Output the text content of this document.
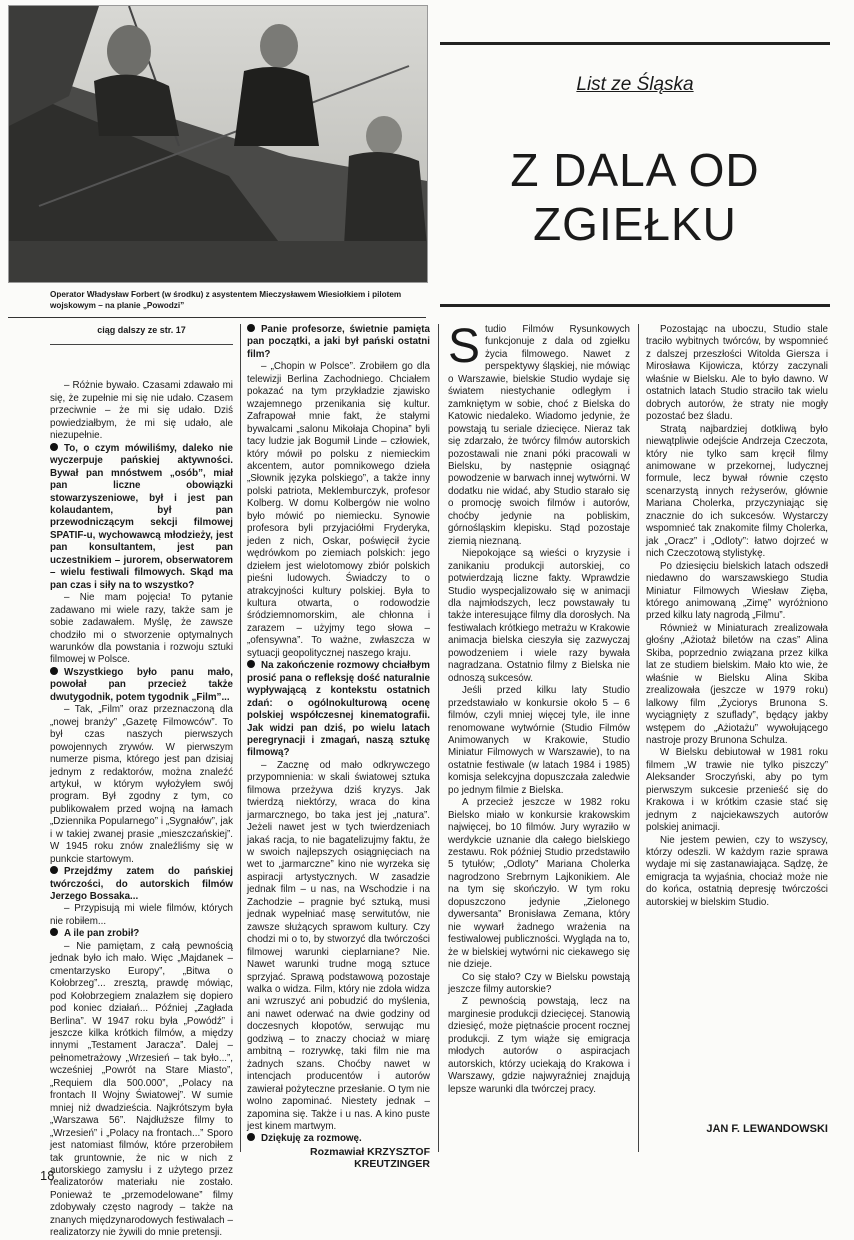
Operator Władysław Forbert (w środku) z asystentem Mieczysławem Wiesiołkiem i pilotem wojskowym – na planie „Powodzi”
List ze Śląska
Z DALA OD ZGIEŁKU

ciąg dalszy ze str. 17

– Różnie bywało. Czasami zdawało mi się, że zupełnie mi się nie udało. Czasem przeciwnie – że mi się udało. Dziś powiedziałbym, że mi się udało, ale niezupełnie.

To, o czym mówiliśmy, daleko nie wyczerpuje pańskiej aktywności. Bywał pan mnóstwem „osób”, miał pan liczne obowiązki stowarzyszeniowe, był i jest pan kolaudantem, był pan przewodniczącym sekcji filmowej SPATIF-u, wychowawcą młodzieży, jest pan konsultantem, jest pan uczestnikiem – jurorem, obserwatorem – wielu festiwali filmowych. Skąd ma pan czas i siły na to wszystko?

– Nie mam pojęcia! To pytanie zadawano mi wiele razy, także sam je sobie zadawałem. Myślę, że zawsze chodziło mi o stworzenie optymalnych warunków dla powstania i rozwoju sztuki filmowej w Polsce.

Wszystkiego było panu mało, powołał pan przecież także dwutygodnik, potem tygodnik „Film”...

– Tak, „Film” oraz przeznaczoną dla „nowej branży” „Gazetę Filmowców”. To był czas naszych pierwszych powojennych zrywów. W pierwszym numerze pisma, którego jest pan dzisiaj jednym z redaktorów, można znaleźć artykuł, w którym wyłożyłem swój program. Był zgodny z tym, co publikowałem przed wojną na łamach „Dziennika Popularnego” i „Sygnałów”, jak i w takiej zwanej prasie „mieszczańskiej”. W 1945 roku znów znaleźliśmy się w punkcie startowym.

Przejdźmy zatem do pańskiej twórczości, do autorskich filmów Jerzego Bossaka...

– Przypisują mi wiele filmów, których nie robiłem...

A ile pan zrobił?

– Nie pamiętam, z całą pewnością jednak było ich mało. Więc „Majdanek – cmentarzysko Europy”, „Bitwa o Kołobrzeg”... zresztą, prawdę mówiąc, pod Kołobrzegiem znalazłem się dopiero pod koniec działań... Później „Zagłada Berlina”. W 1947 roku była „Powódź” i jeszcze kilka krótkich filmów, a między innymi „Testament Jaracza”. Dalej – pełnometrażowy „Wrzesień – tak było...”, wcześniej „Powrót na Stare Miasto”, „Requiem dla 500.000”, „Polacy na frontach II Wojny Światowej”. W sumie mniej niż dwadzieścia. Najkrótszym była „Warszawa 56”. Najdłuższe filmy to „Wrzesień” i „Polacy na frontach...” Sporo jest natomiast filmów, które przerobiłem tak gruntownie, że nic w nich z autorskiego zamysłu i z użytego przez realizatorów materiału nie zostało. Ponieważ te „przemodelowane” filmy zdobywały często nagrody – także na znanych międzynarodowych festiwalach – realizatorzy nie żywili do mnie pretensji.

Panie profesorze, świetnie pamięta pan początki, a jaki był pański ostatni film?

– „Chopin w Polsce”. Zrobiłem go dla telewizji Berlina Zachodniego. Chciałem pokazać na tym przykładzie zjawisko wzajemnego przenikania się kultur. Zafrapował mnie fakt, że stałymi bywalcami „salonu Mikołaja Chopina” byli tacy ludzie jak Bogumił Linde – człowiek, który mówił po polsku z niemieckim akcentem, autor pomnikowego dzieła „Słownik języka polskiego”, a także inny polski patriota, Meklemburczyk, profesor Kolberg. W domu Kolbergów nie wolno było mówić po niemiecku. Synowie profesora byli przyjaciółmi Fryderyka, jeden z nich, Oskar, poświęcił życie wędrówkom po ziemiach polskich: jego dziełem jest wielotomowy zbiór polskich pieśni ludowych. Świadczy to o atrakcyjności kultury polskiej. Była to kultura otwarta, o rodowodzie śródziemnomorskim, ale chłonna i zarazem – użyjmy tego słowa – „ofensywna”. To ważne, zwłaszcza w sytuacji geopolitycznej naszego kraju.

Na zakończenie rozmowy chciałbym prosić pana o refleksję dość naturalnie wypływającą z kontekstu ostatnich zdań: o ogólnokulturową ocenę polskiej współczesnej kinematografii. Jak widzi pan dziś, po wielu latach peregrynacji i zmagań, naszą sztukę filmową?

– Zacznę od mało odkrywczego przypomnienia: w skali światowej sztuka filmowa przeżywa dziś kryzys. Jak twierdzą niektórzy, wraca do kina jarmarcznego, bo taka jest jej „natura”. Jeżeli nawet jest w tych twierdzeniach jakaś racja, to nie bagatelizujmy faktu, że w swoich najlepszych osiągnięciach na wet to „jarmarczne” kino nie wyrzeka się aspiracji artystycznych. W zasadzie jednak film – u nas, na Wschodzie i na Zachodzie – pragnie być sztuką, musi jednak wypełniać masę serwitutów, nie zawsze służących sprawom kultury. Czy chodzi mi o to, by stworzyć dla twórczości filmowej warunki cieplarniane? Nie. Nawet warunki trudne mogą sztuce sprzyjać. Sprawą podstawową pozostaje walka o widza. Film, który nie zdoła widza ani wzruszyć ani pobudzić do myślenia, ani nawet oderwać na dwie godziny od doczesnych kłopotów, serwując mu godziwą – to znaczy chociaż w miarę ambitną – rozrywkę, taki film nie ma żadnych szans. Choćby nawet w intencjach producentów i autorów zawierał pożyteczne przesłanie. O tym nie wolno zapominać. Niestety jednak – zapomina się. Także i u nas. A kino puste jest kinem martwym.

Dziękuję za rozmowę.

Rozmawiał KRZYSZTOF KREUTZINGER

Studio Filmów Rysunkowych funkcjonuje z dala od zgiełku życia filmowego. Nawet z perspektywy śląskiej, nie mówiąc o Warszawie, bielskie Studio wydaje się światem niestychanie odległym i zamkniętym w sobie, choć z Bielska do Katowic niedaleko. Wiadomo jedynie, że powstają tu seriale dziecięce. Nieraz tak się zdarzało, że twórcy filmów autorskich pozostawali nie znani póki pracowali w Bielsku, by następnie osiągnąć powodzenie w barwach innej wytwórni. W dodatku nie widać, aby Studio starało się o promocję swoich filmów i autorów, choćby jedynie na pobliskim, górnośląskim klepisku. Stąd pozostaje ziemią nieznaną.

Niepokojące są wieści o kryzysie i zanikaniu produkcji autorskiej, co potwierdzają liczne fakty. Wprawdzie Studio wyspecjalizowało się w animacji dla najmłodszych, lecz powstawały tu także interesujące filmy dla dorosłych. Na festiwalach krótkiego metrażu w Krakowie animacja bielska cieszyła się zazwyczaj powodzeniem i wiele razy bywała nagradzana. Ostatnio filmy z Bielska nie odnoszą sukcesów.

Jeśli przed kilku laty Studio przedstawiało w konkursie około 5 – 6 filmów, czyli mniej więcej tyle, ile inne renomowane wytwórnie (Studio Filmów Animowanych w Krakowie, Studio Miniatur Filmowych w Warszawie), to na ostatnie festiwale (w latach 1984 i 1985) komisja selekcyjna dopuszczała zaledwie po jednym filmie z Bielska.

A przecież jeszcze w 1982 roku Bielsko miało w konkursie krakowskim najwięcej, bo 10 filmów. Jury wyraziło w werdykcie uznanie dla całego bielskiego zestawu. Rok później Studio przedstawiło 5 tytułów; „Odloty” Mariana Cholerka nagrodzono Srebrnym Lajkonikiem. Ale na tym się skończyło. W tym roku dopuszczono jedynie „Zielonego dywersanta” Bronisława Zemana, który nie wywarł żadnego wrażenia na festiwalowej publiczności. Wygląda na to, że w bielskiej wytwórni nic ciekawego się nie dzieje.

Co się stało? Czy w Bielsku powstają jeszcze filmy autorskie?

Z pewnością powstają, lecz na marginesie produkcji dziecięcej. Stanowią dziesięć, może piętnaście procent rocznej produkcji. Z tym wiąże się emigracja młodych autorów o aspiracjach autorskich, którzy uciekają do Krakowa i Warszawy, gdzie najwyraźniej znajdują lepsze warunki dla twórczej pracy.

Pozostając na uboczu, Studio stale traciło wybitnych twórców, by wspomnieć z dalszej przeszłości Witolda Giersza i Mirosława Kijowicza, którzy zaczynali właśnie w Bielsku. Ale to było dawno. W ostatnich latach Studio straciło tak wielu dobrych autorów, że straty nie mogły pozostać bez śladu.

Stratą najbardziej dotkliwą było niewątpliwie odejście Andrzeja Czeczota, który nie tylko sam kręcił filmy animowane w przekornej, ludycznej formule, lecz bywał równie często scenarzystą innych reżyserów, głównie Mariana Cholerka, przyczyniając się znacznie do ich sukcesów. Wystarczy wspomnieć tak znakomite filmy Cholerka, jak „Oracz” i „Odloty”: łatwo dojrzeć w nich Czeczotową stylistykę.

Po dziesięciu bielskich latach odszedł niedawno do warszawskiego Studia Miniatur Filmowych Wiesław Zięba, którego animowaną „Zimę” wyróżniono przed kilku laty nagrodą „Filmu”.

Również w Miniaturach zrealizowała głośny „Ażiotaż biletów na czas” Alina Skiba, poprzednio związana przez kilka lat ze studiem bielskim. Mało kto wie, że właśnie w Bielsku Alina Skiba zrealizowała (jeszcze w 1979 roku) lalkowy film „Życiorys Brunona S. wyciągnięty z szuflady”, będący jakby wstępem do „Ażiotażu” wywołującego nastroje prozy Brunona Schulza.

W Bielsku debiutował w 1981 roku filmem „W trawie nie tylko piszczy” Aleksander Sroczyński, aby po tym pierwszym sukcesie przenieść się do Krakowa i w krótkim czasie stać się jednym z najciekawszych autorów polskiej animacji.

Nie jestem pewien, czy to wszyscy, którzy odeszli. W każdym razie sprawa wydaje mi się zastanawiająca. Sądzę, że emigracja ta wyjaśnia, chociaż może nie do końca, ostatnią depresję twórczości autorskiej w bielskim Studio.

JAN F. LEWANDOWSKI
18
